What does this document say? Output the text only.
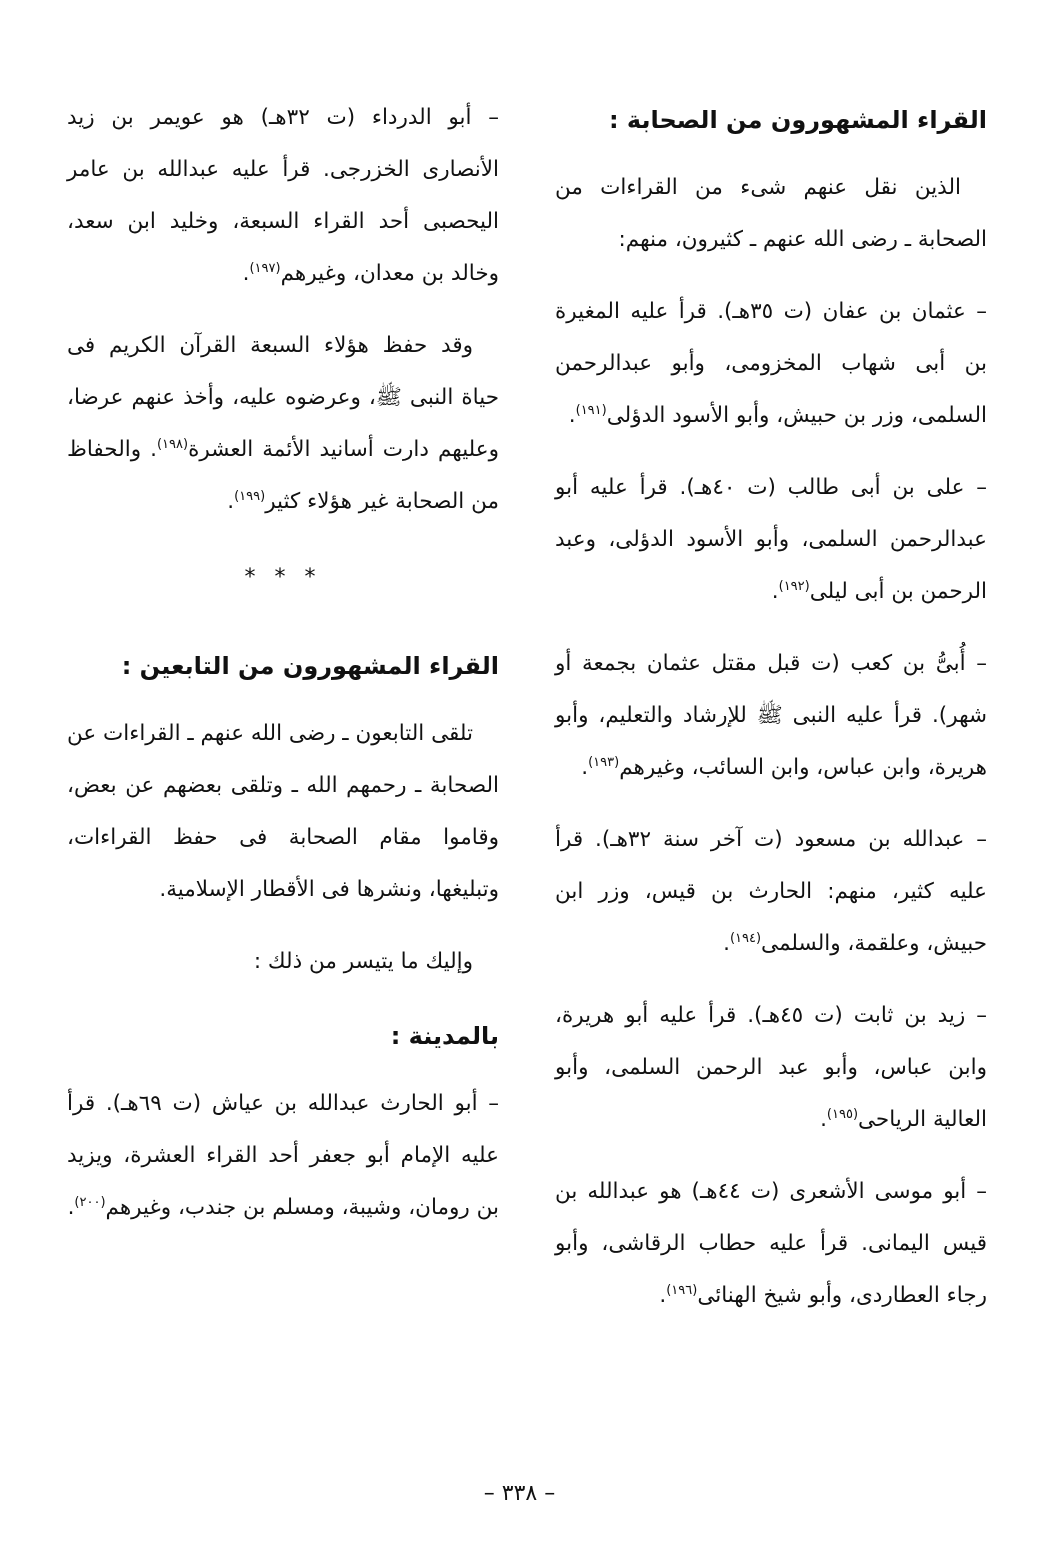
القراء المشهورون من الصحابة :

الذين نقل عنهم شىء من القراءات من الصحابة ـ رضى الله عنهم ـ كثيرون، منهم:

– عثمان بن عفان (ت ٣٥هـ). قرأ عليه المغيرة بن أبى شهاب المخزومى، وأبو عبدالرحمن السلمى، وزر بن حبيش، وأبو الأسود الدؤلى$^{(١٩١)}$.

– على بن أبى طالب (ت ٤٠هـ). قرأ عليه أبو عبدالرحمن السلمى، وأبو الأسود الدؤلى، وعبد الرحمن بن أبى ليلى$^{(١٩٢)}$.

– أُبىُّ بن كعب (ت قبل مقتل عثمان بجمعة أو شهر). قرأ عليه النبى ﷺ للإرشاد والتعليم، وأبو هريرة، وابن عباس، وابن السائب، وغيرهم$^{(١٩٣)}$.

– عبدالله بن مسعود (ت آخر سنة ٣٢هـ). قرأ عليه كثير، منهم: الحارث بن قيس، وزر ابن حبيش، وعلقمة، والسلمى$^{(١٩٤)}$.

– زيد بن ثابت (ت ٤٥هـ). قرأ عليه أبو هريرة، وابن عباس، وأبو عبد الرحمن السلمى، وأبو العالية الرياحى$^{(١٩٥)}$.

– أبو موسى الأشعرى (ت ٤٤هـ) هو عبدالله بن قيس اليمانى. قرأ عليه حطاب الرقاشى، وأبو رجاء العطاردى، وأبو شيخ الهنائى$^{(١٩٦)}$.

– أبو الدرداء (ت ٣٢هـ) هو عويمر بن زيد الأنصارى الخزرجى. قرأ عليه عبدالله بن عامر اليحصبى أحد القراء السبعة، وخليد ابن سعد، وخالد بن معدان، وغيرهم$^{(١٩٧)}$.

وقد حفظ هؤلاء السبعة القرآن الكريم فى حياة النبى ﷺ، وعرضوه عليه، وأخذ عنهم عرضا، وعليهم دارت أسانيد الأئمة العشرة$^{(١٩٨)}$. والحفاظ من الصحابة غير هؤلاء كثير$^{(١٩٩)}$.

* * *
القراء المشهورون من التابعين :

تلقى التابعون ـ رضى الله عنهم ـ القراءات عن الصحابة ـ رحمهم الله ـ وتلقى بعضهم عن بعض، وقاموا مقام الصحابة فى حفظ القراءات، وتبليغها، ونشرها فى الأقطار الإسلامية.

وإليك ما يتيسر من ذلك :

بالمدينة :

– أبو الحارث عبدالله بن عياش (ت ٦٩هـ). قرأ عليه الإمام أبو جعفر أحد القراء العشرة، ويزيد بن رومان، وشيبة، ومسلم بن جندب، وغيرهم$^{(٢٠٠)}$.

– ٣٣٨ –
